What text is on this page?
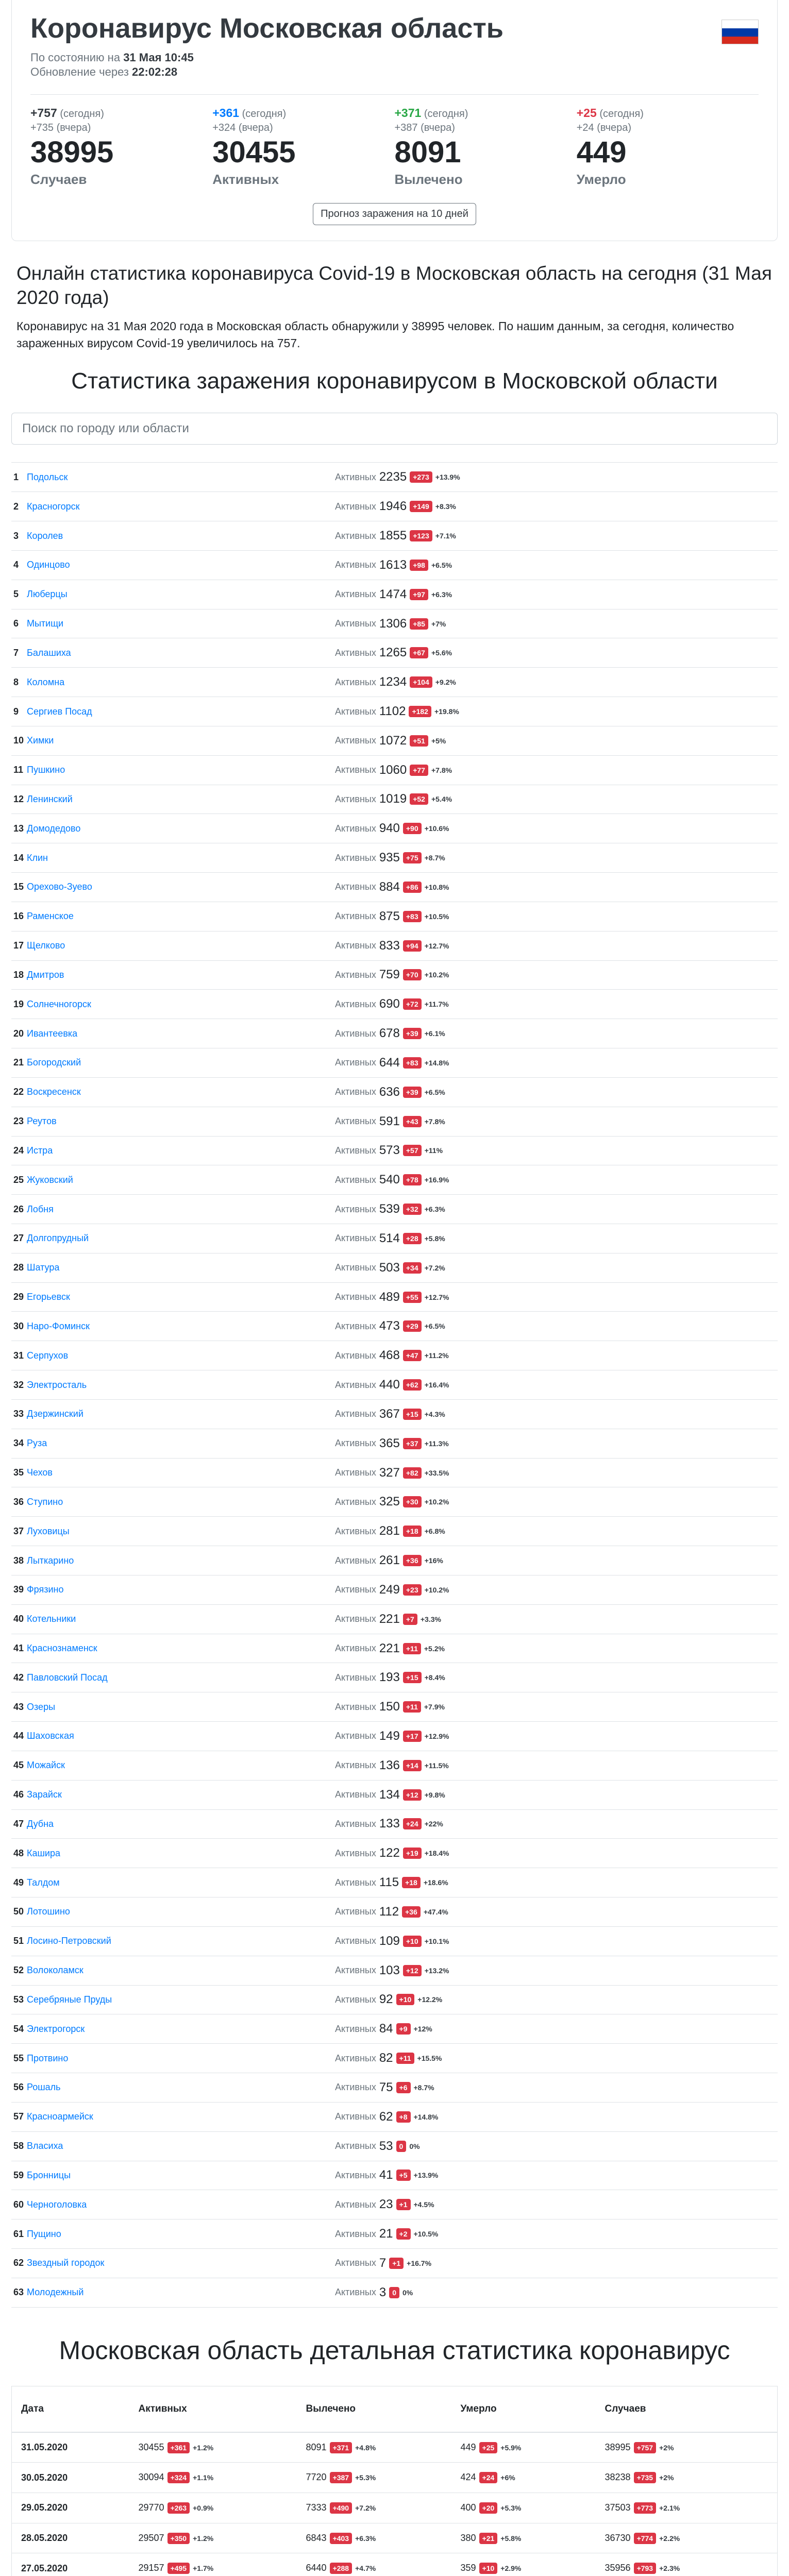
Коронавирус Московская область
По состоянию на 31 Мая 10:45
Обновление через 22:02:28
+757 (сегодня)
+735 (вчера)
38995
Случаев
+361 (сегодня)
+324 (вчера)
30455
Активных
+371 (сегодня)
+387 (вчера)
8091
Вылечено
+25 (сегодня)
+24 (вчера)
449
Умерло
Прогноз заражения на 10 дней
Онлайн статистика коронавируса Covid-19 в Московская область на сегодня (31 Мая 2020 года)

Коронавирус на 31 Мая 2020 года в Московская область обнаружили у 38995 человек. По нашим данным, за сегодня, количество зараженных вирусом Covid-19 увеличилось на 757.

Статистика заражения коронавирусом в Московской области
Поиск по городу или области
1 Подольск	Активных 2235 +273 +13.9%
2 Красногорск	Активных 1946 +149 +8.3%
3 Королев	Активных 1855 +123 +7.1%
4 Одинцово	Активных 1613 +98 +6.5%
5 Люберцы	Активных 1474 +97 +6.3%
6 Мытищи	Активных 1306 +85 +7%
7 Балашиха	Активных 1265 +67 +5.6%
8 Коломна	Активных 1234 +104 +9.2%
9 Сергиев Посад	Активных 1102 +182 +19.8%
10 Химки	Активных 1072 +51 +5%
11 Пушкино	Активных 1060 +77 +7.8%
12 Ленинский	Активных 1019 +52 +5.4%
13 Домодедово	Активных 940 +90 +10.6%
14 Клин	Активных 935 +75 +8.7%
15 Орехово-Зуево	Активных 884 +86 +10.8%
16 Раменское	Активных 875 +83 +10.5%
17 Щелково	Активных 833 +94 +12.7%
18 Дмитров	Активных 759 +70 +10.2%
19 Солнечногорск	Активных 690 +72 +11.7%
20 Ивантеевка	Активных 678 +39 +6.1%
21 Богородский	Активных 644 +83 +14.8%
22 Воскресенск	Активных 636 +39 +6.5%
23 Реутов	Активных 591 +43 +7.8%
24 Истра	Активных 573 +57 +11%
25 Жуковский	Активных 540 +78 +16.9%
26 Лобня	Активных 539 +32 +6.3%
27 Долгопрудный	Активных 514 +28 +5.8%
28 Шатура	Активных 503 +34 +7.2%
29 Егорьевск	Активных 489 +55 +12.7%
30 Наро-Фоминск	Активных 473 +29 +6.5%
31 Серпухов	Активных 468 +47 +11.2%
32 Электросталь	Активных 440 +62 +16.4%
33 Дзержинский	Активных 367 +15 +4.3%
34 Руза	Активных 365 +37 +11.3%
35 Чехов	Активных 327 +82 +33.5%
36 Ступино	Активных 325 +30 +10.2%
37 Луховицы	Активных 281 +18 +6.8%
38 Лыткарино	Активных 261 +36 +16%
39 Фрязино	Активных 249 +23 +10.2%
40 Котельники	Активных 221 +7 +3.3%
41 Краснознаменск	Активных 221 +11 +5.2%
42 Павловский Посад	Активных 193 +15 +8.4%
43 Озеры	Активных 150 +11 +7.9%
44 Шаховская	Активных 149 +17 +12.9%
45 Можайск	Активных 136 +14 +11.5%
46 Зарайск	Активных 134 +12 +9.8%
47 Дубна	Активных 133 +24 +22%
48 Кашира	Активных 122 +19 +18.4%
49 Талдом	Активных 115 +18 +18.6%
50 Лотошино	Активных 112 +36 +47.4%
51 Лосино-Петровский	Активных 109 +10 +10.1%
52 Волоколамск	Активных 103 +12 +13.2%
53 Серебряные Пруды	Активных 92 +10 +12.2%
54 Электрогорск	Активных 84 +9 +12%
55 Протвино	Активных 82 +11 +15.5%
56 Рошаль	Активных 75 +6 +8.7%
57 Красноармейск	Активных 62 +8 +14.8%
58 Власиха	Активных 53 0 0%
59 Бронницы	Активных 41 +5 +13.9%
60 Черноголовка	Активных 23 +1 +4.5%
61 Пущино	Активных 21 +2 +10.5%
62 Звездный городок	Активных 7 +1 +16.7%
63 Молодежный	Активных 3 0 0%
Московская область детальная статистика коронавирус
Дата	Активных	Вылечено	Умерло	Случаев
31.05.2020	30455 +361 +1.2%	8091 +371 +4.8%	449 +25 +5.9%	38995 +757 +2%
30.05.2020	30094 +324 +1.1%	7720 +387 +5.3%	424 +24 +6%	38238 +735 +2%
29.05.2020	29770 +263 +0.9%	7333 +490 +7.2%	400 +20 +5.3%	37503 +773 +2.1%
28.05.2020	29507 +350 +1.2%	6843 +403 +6.3%	380 +21 +5.8%	36730 +774 +2.2%
27.05.2020	29157 +495 +1.7%	6440 +288 +4.7%	359 +10 +2.9%	35956 +793 +2.3%
